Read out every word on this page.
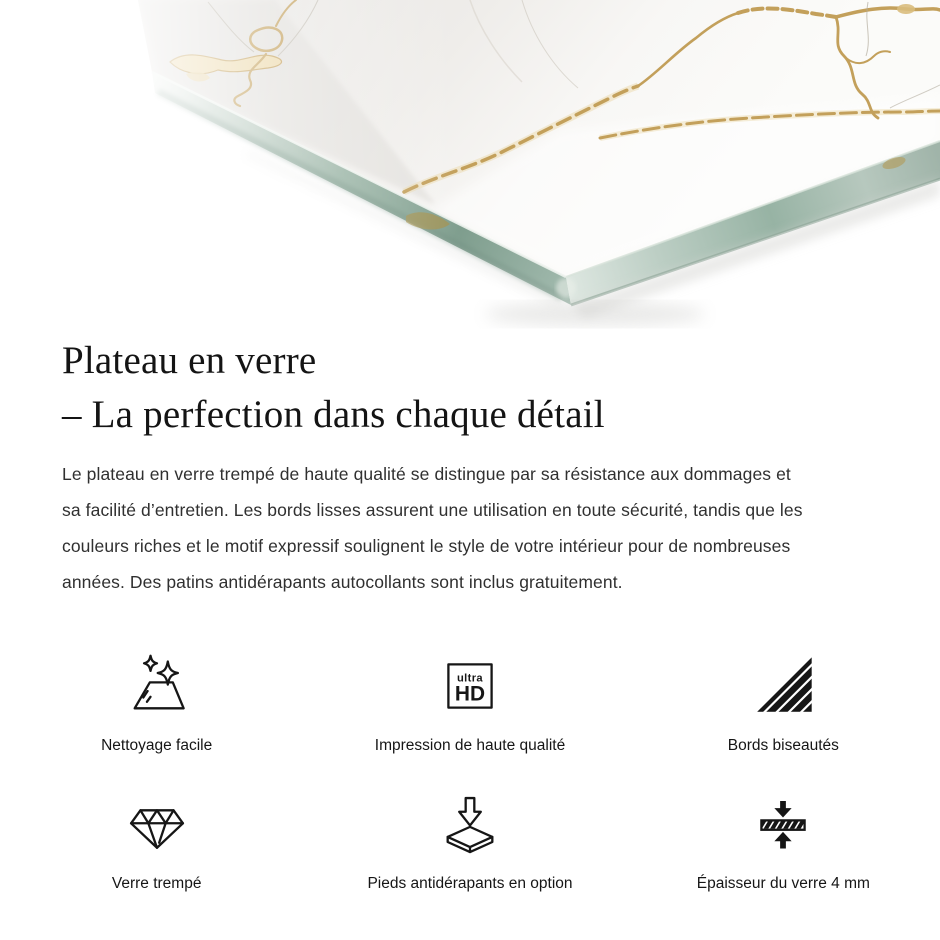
Plateau en verre
– La perfection dans chaque détail

Le plateau en verre trempé de haute qualité se distingue par sa résistance aux dommages et
sa facilité d’entretien. Les bords lisses assurent une utilisation en toute sécurité, tandis que les
couleurs riches et le motif expressif soulignent le style de votre intérieur pour de nombreuses
années. Des patins antidérapants autocollants sont inclus gratuitement.

Nettoyage facile
ultra
HD
Impression de haute qualité	Bords biseautés
Verre trempé	Pieds antidérapants en option	Épaisseur du verre 4 mm
